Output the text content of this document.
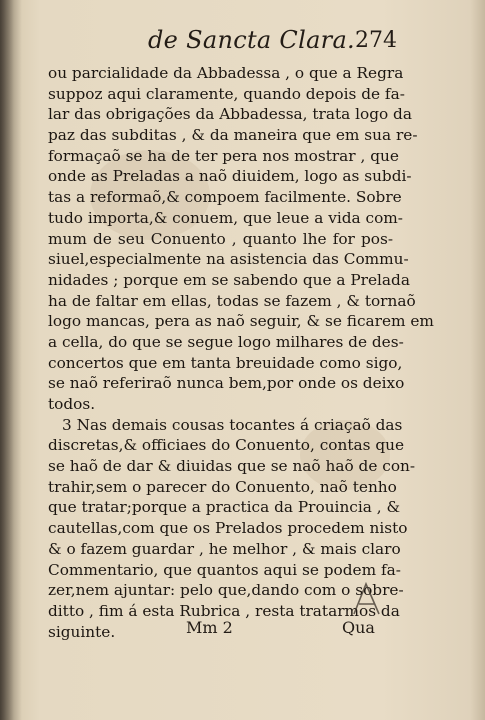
de Sancta Clara. 274
ou parcialidade da Abbadessa , o que a Regra
suppoz aqui claramente, quando depois de fa-
lar das obrigações da Abbadessa, trata logo da
paz das subditas , & da maneira que em sua re-
formaçaõ se ha de ter pera nos mostrar , que
onde as Preladas a naõ diuidem, logo as subdi-
tas a reformaõ,& compoem facilmente. Sobre
tudo importa,& conuem, que leue a vida com-
mum de seu Conuento , quanto lhe for pos-
siuel,especialmente na asistencia das Commu-
nidades ; porque em se sabendo que a Prelada
ha de faltar em ellas, todas se fazem , & tornaõ
logo mancas, pera as naõ seguir, & se ficarem em
a cella, do que se segue logo milhares de des-
concertos que em tanta breuidade como sigo,
se naõ referiraõ nunca bem,por onde os deixo
todos.
3 Nas demais cousas tocantes á criaçaõ das
discretas,& officiaes do Conuento, contas que
se haõ de dar & diuidas que se naõ haõ de con-
trahir,sem o parecer do Conuento, naõ tenho
que tratar;porque a practica da Prouincia , &
cautellas,com que os Prelados procedem nisto
& o fazem guardar , he melhor , & mais claro
Commentario, que quantos aqui se podem fa-
zer,nem ajuntar: pelo que,dando com o sobre-
ditto , fim á esta Rubrica , resta tratarmos da
siguinte.	Mm 2	Qua
